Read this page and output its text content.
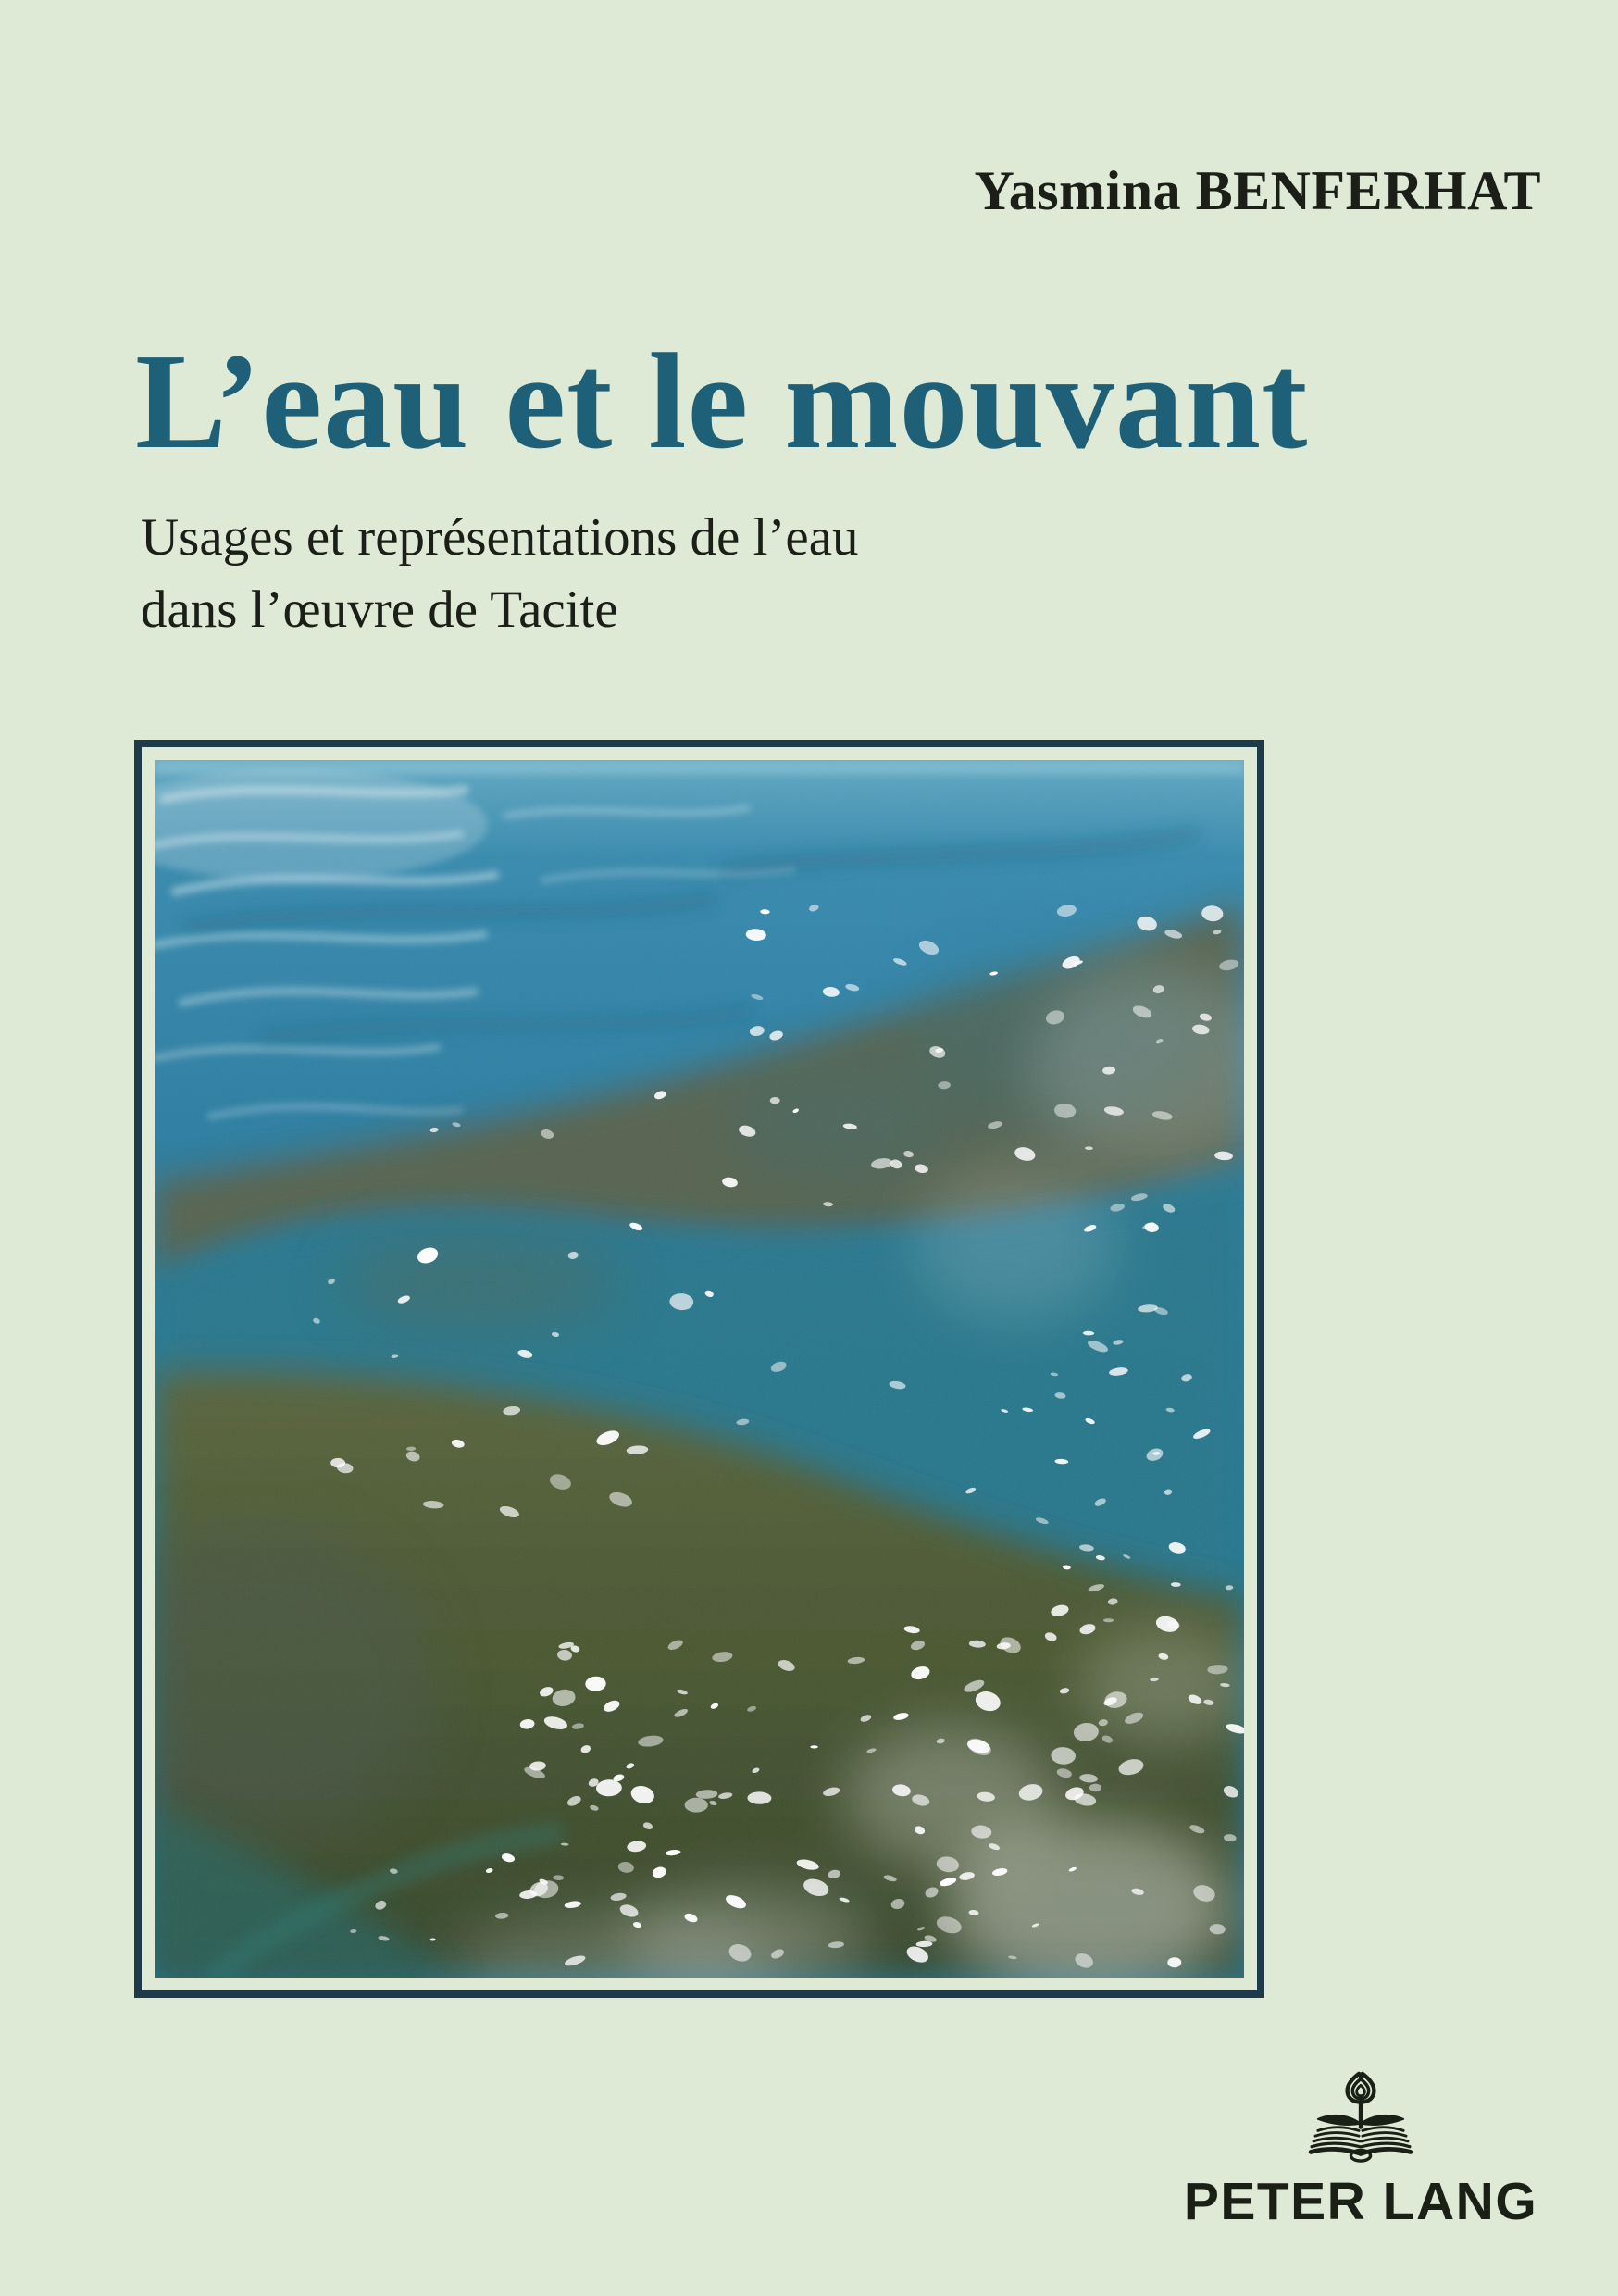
Yasmina BENFERHAT
L’eau et le mouvant
Usages et représentations de l’eau
dans l’œuvre de Tacite
PETER LANG
